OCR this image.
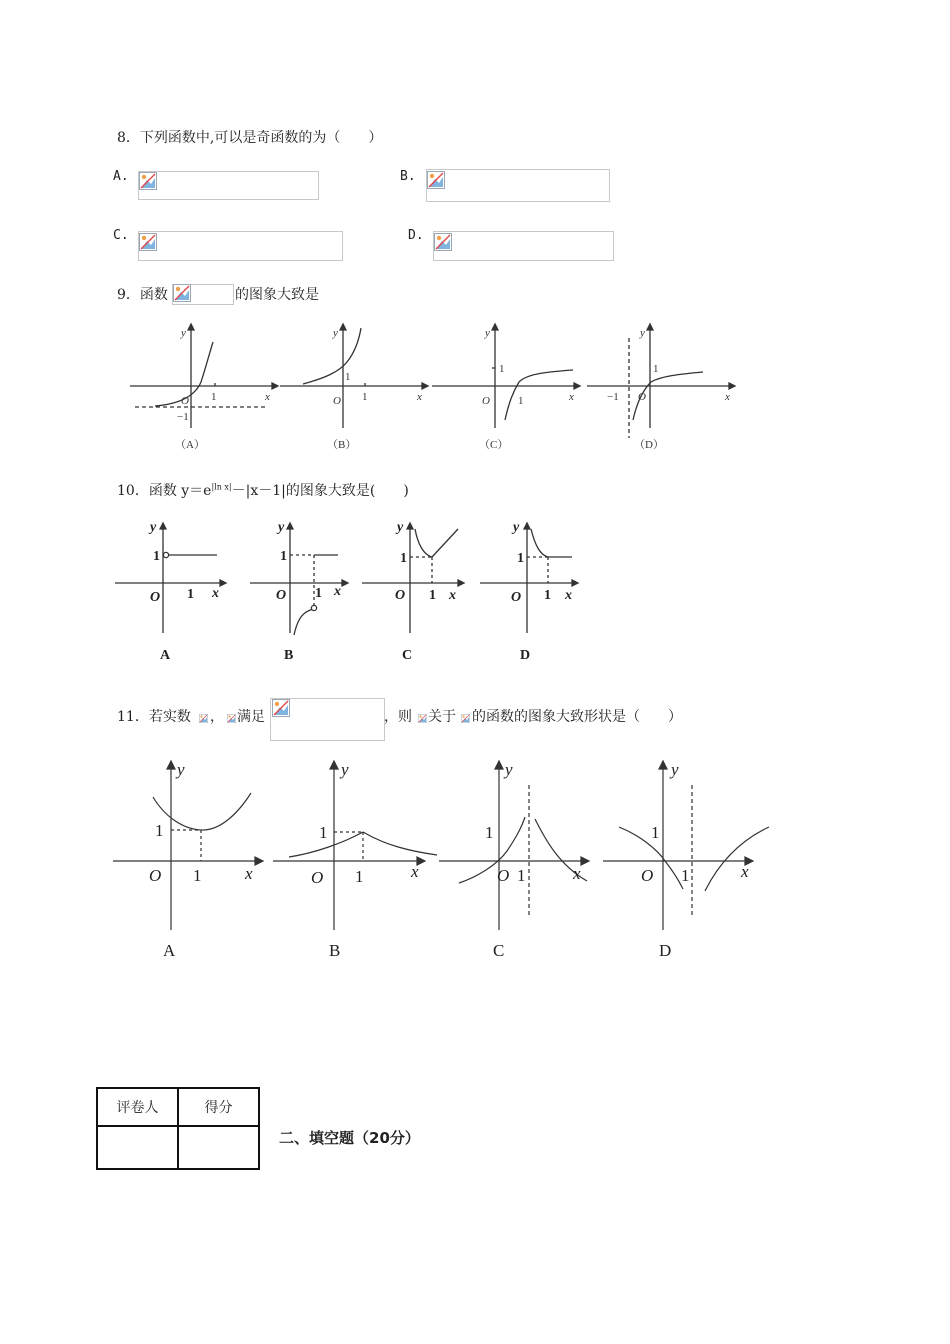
8．下列函数中,可以是奇函数的为（　　）
A.	B.
C.	D.
9．函数	的图象大致是
y
x
O 1
−1
y
x
O 1
1
y
x
O	1
1
y
x
O
1
−1
（A）	（B）	（C）	（D）
10．函数 $y=e^{|ln x|}-|x-1|$的图象大致是(　　)
y
x
O 1
1
y
x
O 1
1
y
x
O 1
1
y
x
O 1
1
A	B	C	D
11．若实数 ， 满足	，则 关于 的函数的图象大致形状是（　　）
y
x
O 1
1
y
x
O 1
1
y
x
O 1
1
y
x
O 1
1
A	B	C	D
评卷人	得分

二、填空题（20分）
